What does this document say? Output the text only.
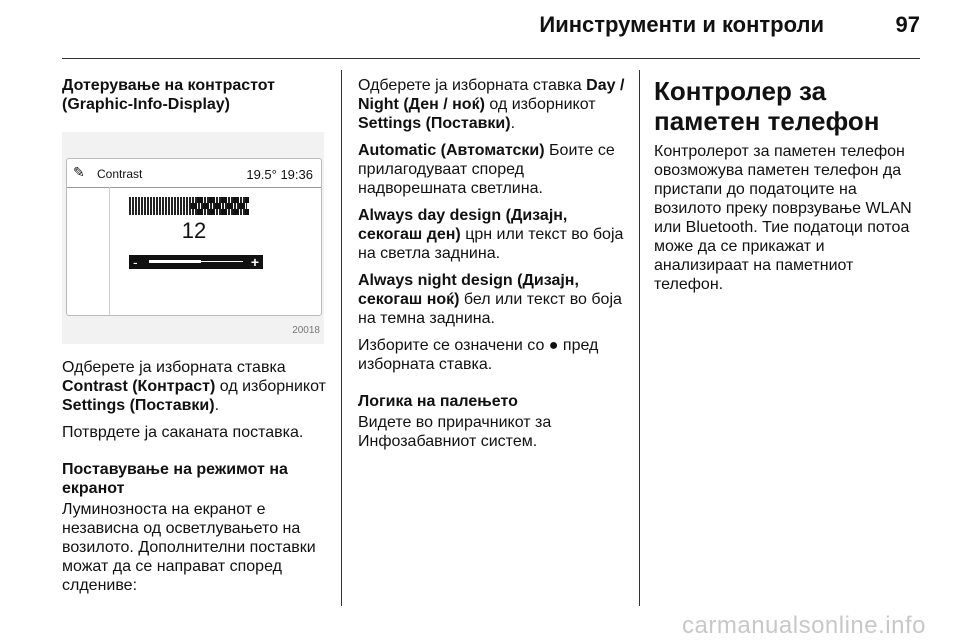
Иинструменти и контроли	97
Дотерување на контрастот (Graphic-Info-Display)
✎ Contrast	19.5° 19:36
12
-	+
20018

Одберете ја изборната ставка
Contrast (Контраст) од изборникот
Settings (Поставки).

Потврдете ја саканата поставка.

Поставување на режимот на екранот

Луминозноста на екранот е независна од осветлувањето на возилото. Дополнителни поставки можат да се направат според слдениве:

Одберете ја изборната ставка Day / Night (Ден / ноќ) од изборникот
Settings (Поставки).

Automatic (Автоматски) Боите се прилагодуваат според надворешната светлина.

Always day design (Дизајн, секогаш ден) црн или текст во боја на светла заднина.

Always night design (Дизајн, секогаш ноќ) бел или текст во боја на темна заднина.

Изборите се означени со ● пред изборната ставка.

Логика на палењето

Видете во прирачникот за Инфозабавниот систем.

Контролер за паметен телефон

Контролерот за паметен телефон овозможува паметен телефон да пристапи до податоците на возилото преку поврзување WLAN или Bluetooth. Тие податоци потоа може да се прикажат и анализираат на паметниот телефон.

carmanualsonline.info
